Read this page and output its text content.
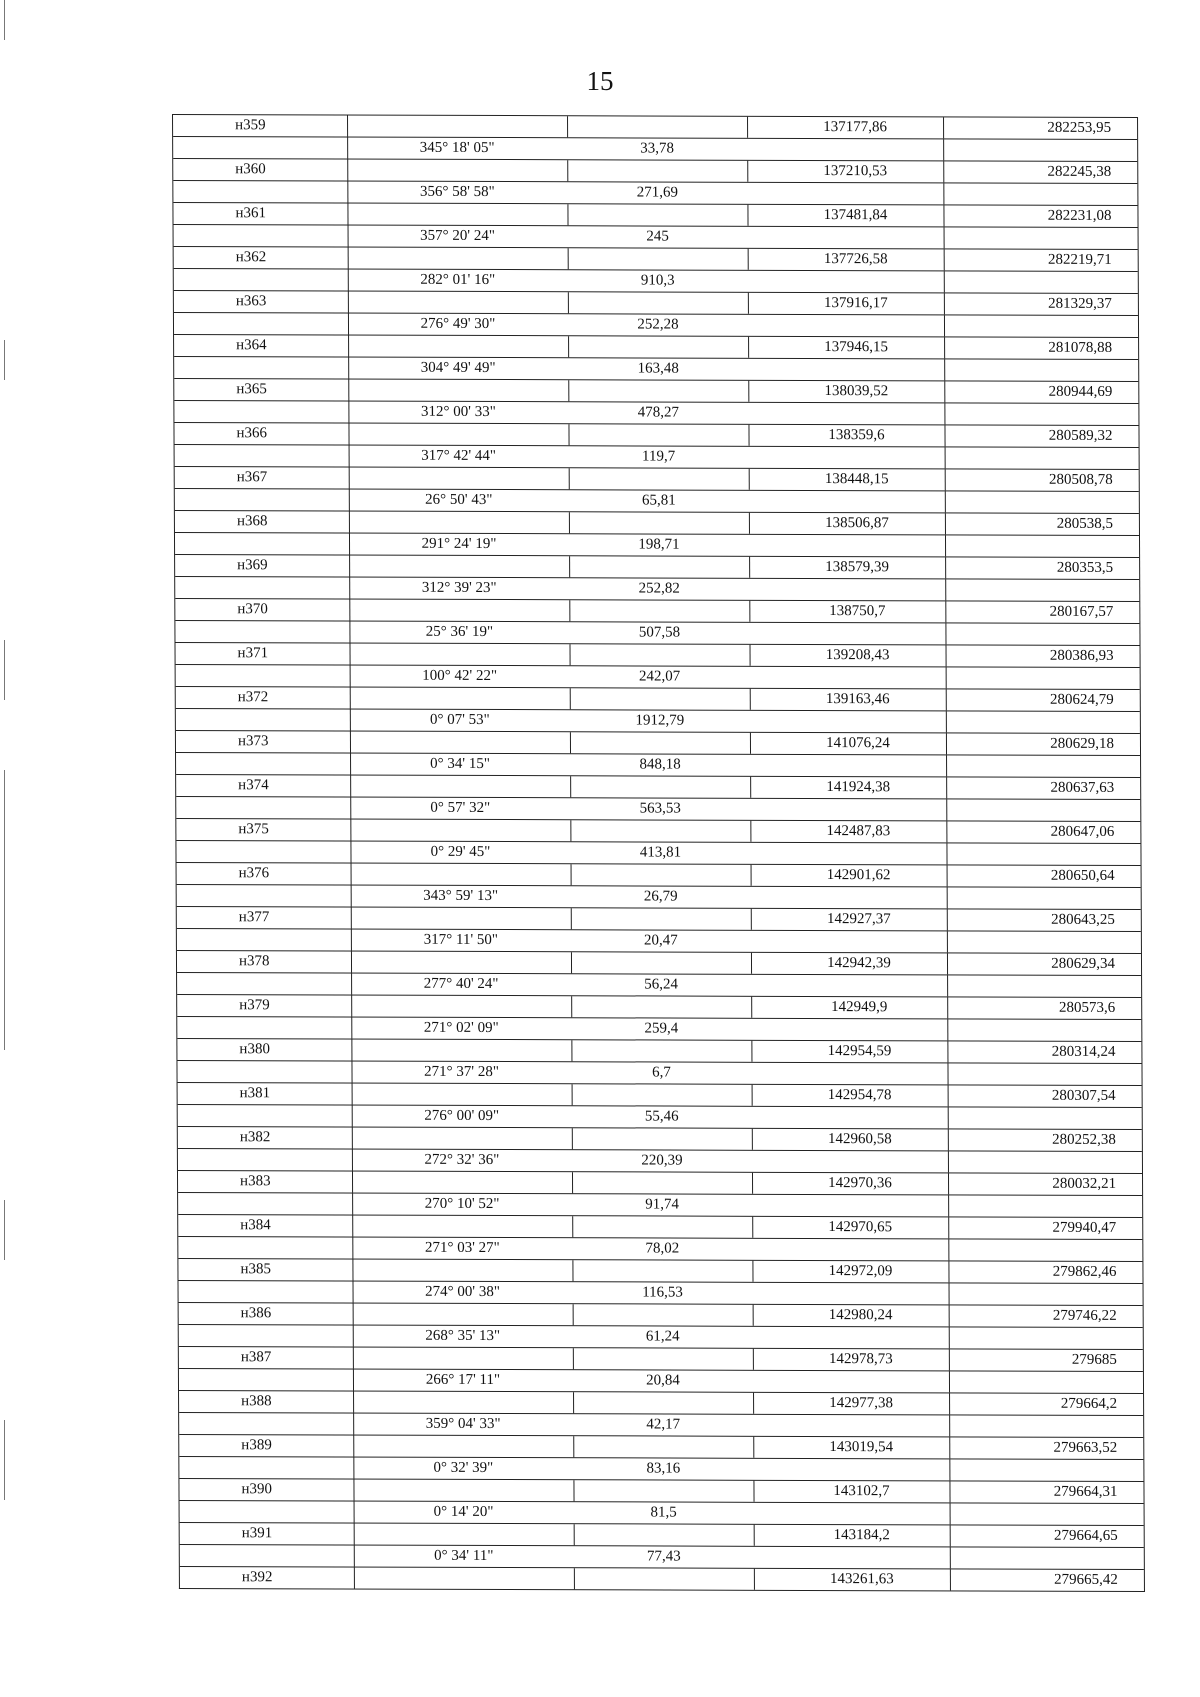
15
н359	137177,86	282253,95
345° 18' 05"	33,78
н360	137210,53	282245,38
356° 58' 58"	271,69
н361	137481,84	282231,08
357° 20' 24"	245
н362	137726,58	282219,71
282° 01' 16"	910,3
н363	137916,17	281329,37
276° 49' 30"	252,28
н364	137946,15	281078,88
304° 49' 49"	163,48
н365	138039,52	280944,69
312° 00' 33"	478,27
н366	138359,6	280589,32
317° 42' 44"	119,7
н367	138448,15	280508,78
26° 50' 43"	65,81
н368	138506,87	280538,5
291° 24' 19"	198,71
н369	138579,39	280353,5
312° 39' 23"	252,82
н370	138750,7	280167,57
25° 36' 19"	507,58
н371	139208,43	280386,93
100° 42' 22"	242,07
н372	139163,46	280624,79
0° 07' 53"	1912,79
н373	141076,24	280629,18
0° 34' 15"	848,18
н374	141924,38	280637,63
0° 57' 32"	563,53
н375	142487,83	280647,06
0° 29' 45"	413,81
н376	142901,62	280650,64
343° 59' 13"	26,79
н377	142927,37	280643,25
317° 11' 50"	20,47
н378	142942,39	280629,34
277° 40' 24"	56,24
н379	142949,9	280573,6
271° 02' 09"	259,4
н380	142954,59	280314,24
271° 37' 28"	6,7
н381	142954,78	280307,54
276° 00' 09"	55,46
н382	142960,58	280252,38
272° 32' 36"	220,39
н383	142970,36	280032,21
270° 10' 52"	91,74
н384	142970,65	279940,47
271° 03' 27"	78,02
н385	142972,09	279862,46
274° 00' 38"	116,53
н386	142980,24	279746,22
268° 35' 13"	61,24
н387	142978,73	279685
266° 17' 11"	20,84
н388	142977,38	279664,2
359° 04' 33"	42,17
н389	143019,54	279663,52
0° 32' 39"	83,16
н390	143102,7	279664,31
0° 14' 20"	81,5
н391	143184,2	279664,65
0° 34' 11"	77,43
н392	143261,63	279665,42
